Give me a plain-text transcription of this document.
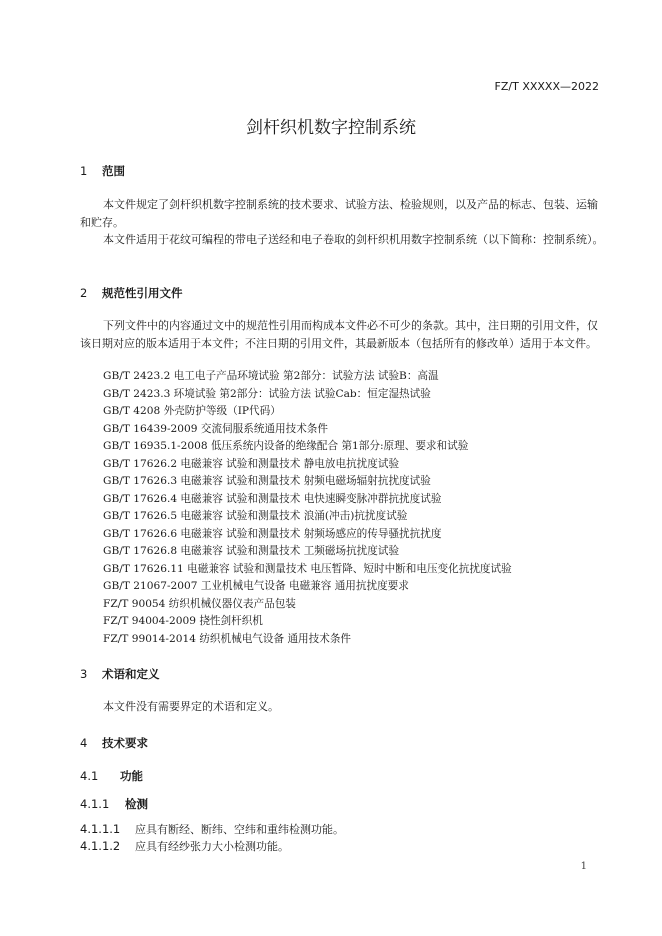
FZ/T XXXXX—2022
剑杆织机数字控制系统
1 范围
本文件规定了剑杆织机数字控制系统的技术要求、试验方法、检验规则，以及产品的标志、包装、运输和贮存。
本文件适用于花纹可编程的带电子送经和电子卷取的剑杆织机用数字控制系统（以下简称：控制系统）。
2 规范性引用文件
下列文件中的内容通过文中的规范性引用而构成本文件必不可少的条款。其中，注日期的引用文件，仅该日期对应的版本适用于本文件；不注日期的引用文件，其最新版本（包括所有的修改单）适用于本文件。
GB/T 2423.2 电工电子产品环境试验 第2部分：试验方法 试验B：高温
GB/T 2423.3 环境试验 第2部分：试验方法 试验Cab：恒定湿热试验
GB/T 4208 外壳防护等级（IP代码）
GB/T 16439-2009 交流伺服系统通用技术条件
GB/T 16935.1-2008 低压系统内设备的绝缘配合 第1部分:原理、要求和试验
GB/T 17626.2 电磁兼容 试验和测量技术 静电放电抗扰度试验
GB/T 17626.3 电磁兼容 试验和测量技术 射频电磁场辐射抗扰度试验
GB/T 17626.4 电磁兼容 试验和测量技术 电快速瞬变脉冲群抗扰度试验
GB/T 17626.5 电磁兼容 试验和测量技术 浪涌(冲击)抗扰度试验
GB/T 17626.6 电磁兼容 试验和测量技术 射频场感应的传导骚扰抗扰度
GB/T 17626.8 电磁兼容 试验和测量技术 工频磁场抗扰度试验
GB/T 17626.11 电磁兼容 试验和测量技术 电压暂降、短时中断和电压变化抗扰度试验
GB/T 21067-2007 工业机械电气设备 电磁兼容 通用抗扰度要求
FZ/T 90054 纺织机械仪器仪表产品包装
FZ/T 94004-2009 挠性剑杆织机
FZ/T 99014-2014 纺织机械电气设备 通用技术条件
3 术语和定义
本文件没有需要界定的术语和定义。
4 技术要求
4.1 功能
4.1.1 检测
4.1.1.1 应具有断经、断纬、空纬和重纬检测功能。
4.1.1.2 应具有经纱张力大小检测功能。
1
